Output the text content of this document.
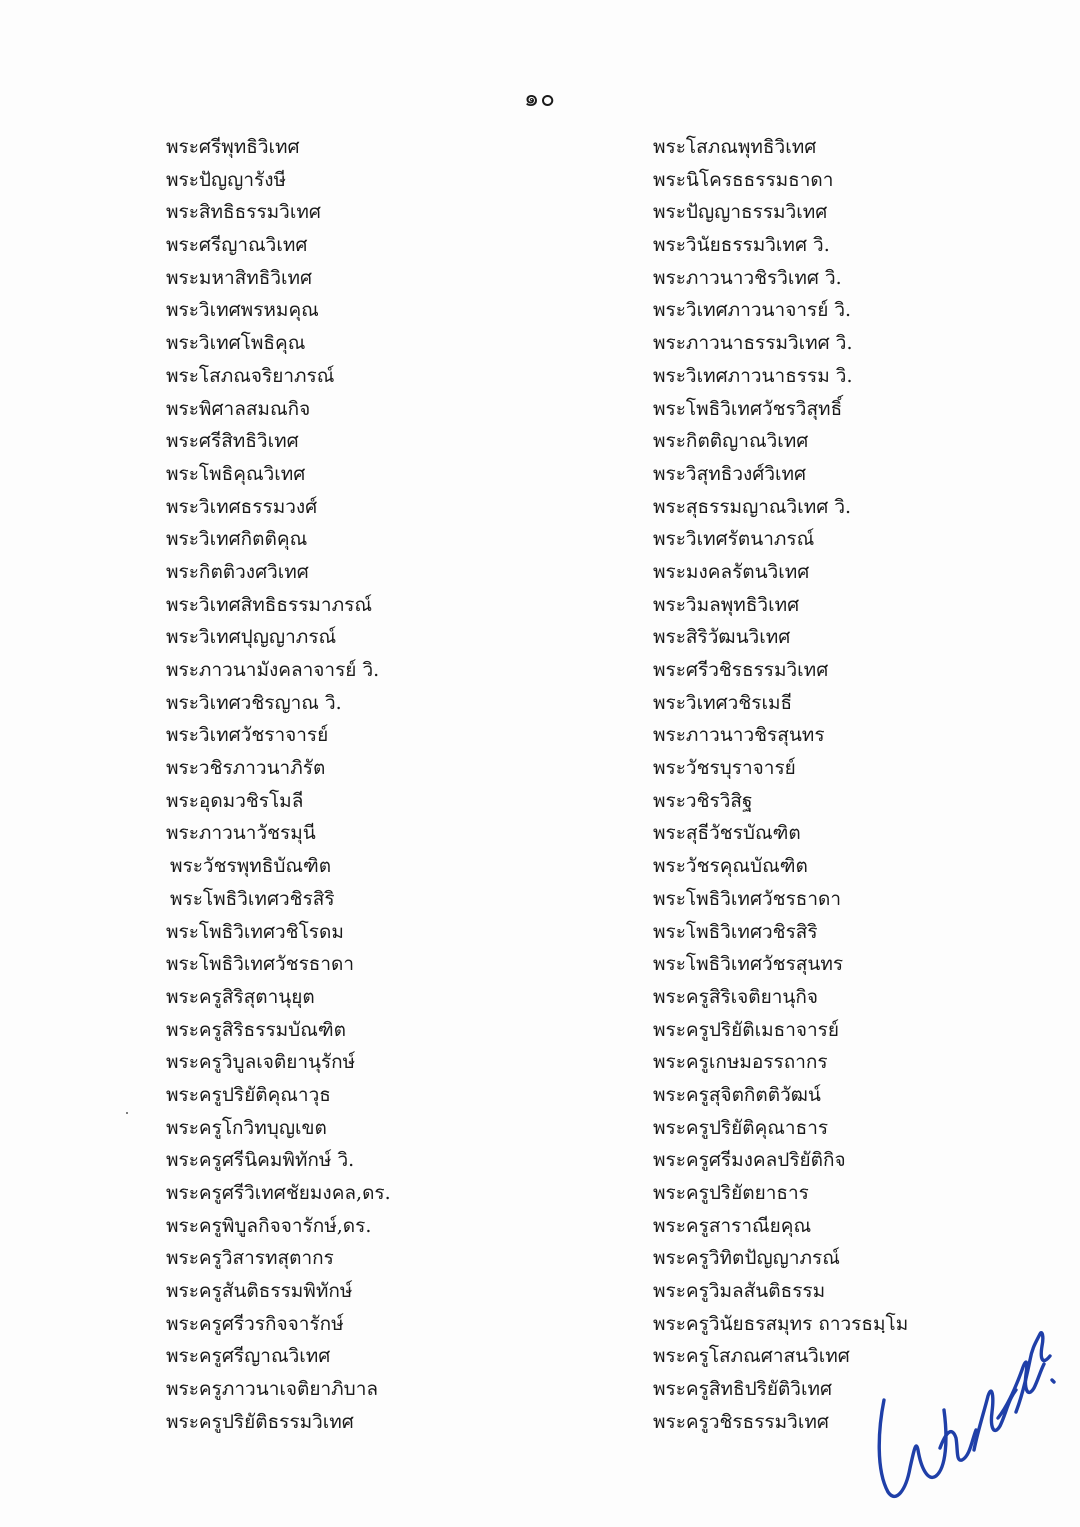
๑๐
พระศรีพุทธิวิเทศ
พระปัญญารังษี
พระสิทธิธรรมวิเทศ
พระศรีญาณวิเทศ
พระมหาสิทธิวิเทศ
พระวิเทศพรหมคุณ
พระวิเทศโพธิคุณ
พระโสภณจริยาภรณ์
พระพิศาลสมณกิจ
พระศรีสิทธิวิเทศ
พระโพธิคุณวิเทศ
พระวิเทศธรรมวงศ์
พระวิเทศกิตติคุณ
พระกิตติวงศวิเทศ
พระวิเทศสิทธิธรรมาภรณ์
พระวิเทศปุญญาภรณ์
พระภาวนามังคลาจารย์ วิ.
พระวิเทศวชิรญาณ วิ.
พระวิเทศวัชราจารย์
พระวชิรภาวนาภิรัต
พระอุดมวชิรโมลี
พระภาวนาวัชรมุนี
พระวัชรพุทธิบัณฑิต
พระโพธิวิเทศวชิรสิริ
พระโพธิวิเทศวชิโรดม
พระโพธิวิเทศวัชรธาดา
พระครูสิริสุตานุยุต
พระครูสิริธรรมบัณฑิต
พระครูวิบูลเจติยานุรักษ์
พระครูปริยัติคุณาวุธ
พระครูโกวิทบุญเขต
พระครูศรีนิคมพิทักษ์ วิ.
พระครูศรีวิเทศชัยมงคล,ดร.
พระครูพิบูลกิจจารักษ์,ดร.
พระครูวิสารทสุตากร
พระครูสันติธรรมพิทักษ์
พระครูศรีวรกิจจารักษ์
พระครูศรีญาณวิเทศ
พระครูภาวนาเจติยาภิบาล
พระครูปริยัติธรรมวิเทศ
พระโสภณพุทธิวิเทศ
พระนิโครธธรรมธาดา
พระปัญญาธรรมวิเทศ
พระวินัยธรรมวิเทศ วิ.
พระภาวนาวชิรวิเทศ วิ.
พระวิเทศภาวนาจารย์ วิ.
พระภาวนาธรรมวิเทศ วิ.
พระวิเทศภาวนาธรรม วิ.
พระโพธิวิเทศวัชรวิสุทธิ์
พระกิตติญาณวิเทศ
พระวิสุทธิวงศ์วิเทศ
พระสุธรรมญาณวิเทศ วิ.
พระวิเทศรัตนาภรณ์
พระมงคลรัตนวิเทศ
พระวิมลพุทธิวิเทศ
พระสิริวัฒนวิเทศ
พระศรีวชิรธรรมวิเทศ
พระวิเทศวชิรเมธี
พระภาวนาวชิรสุนทร
พระวัชรบุราจารย์
พระวชิรวิสิฐ
พระสุธีวัชรบัณฑิต
พระวัชรคุณบัณฑิต
พระโพธิวิเทศวัชรธาดา
พระโพธิวิเทศวชิรสิริ
พระโพธิวิเทศวัชรสุนทร
พระครูสิริเจติยานุกิจ
พระครูปริยัติเมธาจารย์
พระครูเกษมอรรถากร
พระครูสุจิตกิตติวัฒน์
พระครูปริยัติคุณาธาร
พระครูศรีมงคลปริยัติกิจ
พระครูปริยัตยาธาร
พระครูสาราณียคุณ
พระครูวิทิตปัญญาภรณ์
พระครูวิมลสันติธรรม
พระครูวินัยธรสมุทร ถาวรธมฺโม
พระครูโสภณศาสนวิเทศ
พระครูสิทธิปริยัติวิเทศ
พระครูวชิรธรรมวิเทศ
